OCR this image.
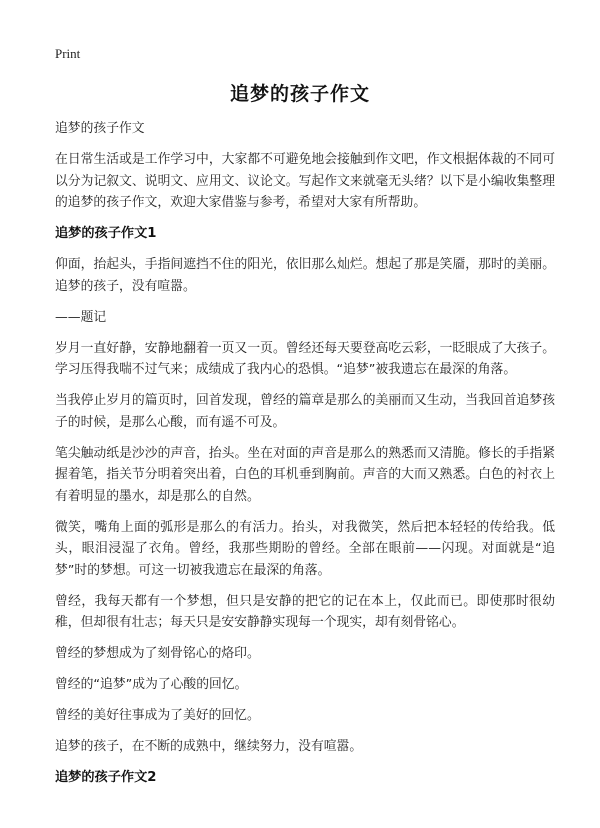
Print
追梦的孩子作文

追梦的孩子作文

在日常生活或是工作学习中，大家都不可避免地会接触到作文吧，作文根据体裁的不同可以分为记叙文、说明文、应用文、议论文。写起作文来就毫无头绪？以下是小编收集整理的追梦的孩子作文，欢迎大家借鉴与参考，希望对大家有所帮助。

追梦的孩子作文1

仰面，抬起头，手指间遮挡不住的阳光，依旧那么灿烂。想起了那是笑靥，那时的美丽。追梦的孩子，没有喧嚣。

——题记

岁月一直好静，安静地翻着一页又一页。曾经还每天要登高吃云彩，一眨眼成了大孩子。学习压得我喘不过气来；成绩成了我内心的恐惧。“追梦”被我遗忘在最深的角落。

当我停止岁月的篇页时，回首发现，曾经的篇章是那么的美丽而又生动，当我回首追梦孩子的时候，是那么心酸，而有遥不可及。

笔尖触动纸是沙沙的声音，抬头。坐在对面的声音是那么的熟悉而又清脆。修长的手指紧握着笔，指关节分明着突出着，白色的耳机垂到胸前。声音的大而又熟悉。白色的衬衣上有着明显的墨水，却是那么的自然。

微笑，嘴角上面的弧形是那么的有活力。抬头，对我微笑，然后把本轻轻的传给我。低头，眼泪浸湿了衣角。曾经，我那些期盼的曾经。全部在眼前——闪现。对面就是“追梦”时的梦想。可这一切被我遗忘在最深的角落。

曾经，我每天都有一个梦想，但只是安静的把它的记在本上，仅此而已。即使那时很幼稚，但却很有壮志；每天只是安安静静实现每一个现实，却有刻骨铭心。

曾经的梦想成为了刻骨铭心的烙印。

曾经的“追梦”成为了心酸的回忆。

曾经的美好往事成为了美好的回忆。

追梦的孩子，在不断的成熟中，继续努力，没有喧嚣。

追梦的孩子作文2
